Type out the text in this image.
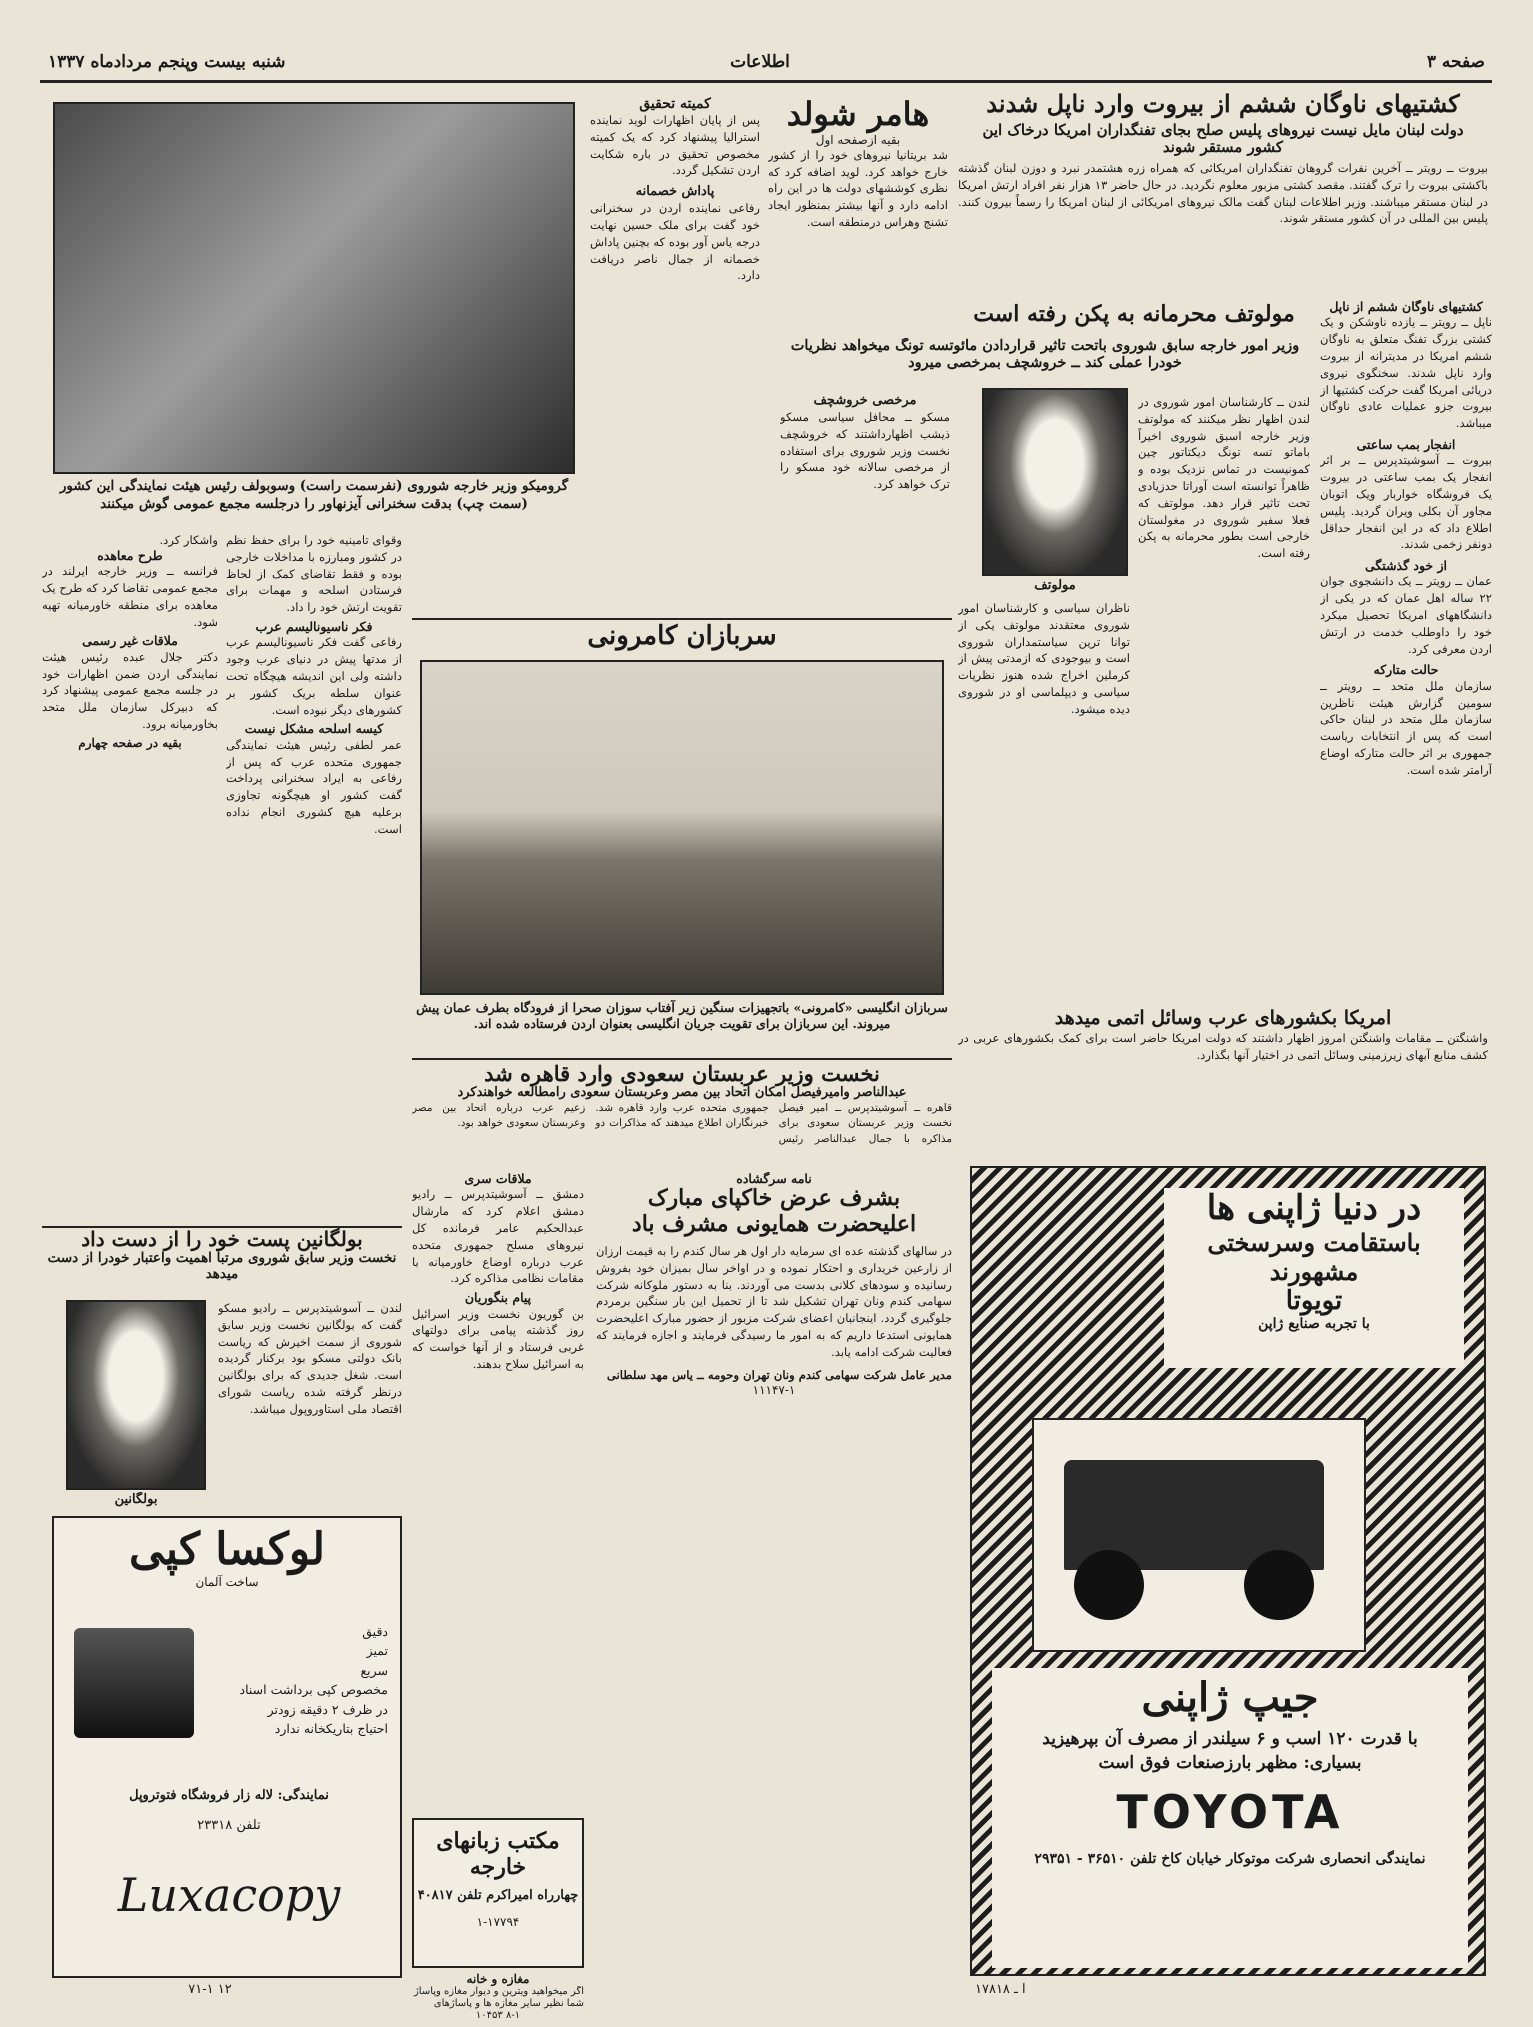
صفحه ۳
اطلاعات
شنبه بیست وپنجم مردادماه ۱۳۳۷
گرومیکو وزیر خارجه شوروی (نفرسمت راست) وسوبولف رئیس هیئت نمایندگی این کشور (سمت چپ) بدقت سخنرانی آیزنهاور را درجلسه مجمع عمومی گوش میکنند
کمیته تحقیق
پس از پایان اظهارات لوید نماینده استرالیا پیشنهاد کرد که یک کمیته مخصوص تحقیق در باره شکایت اردن تشکیل گردد.
پاداش خصمانه
رفاعی نماینده اردن در سخنرانی خود گفت برای ملک حسین نهایت درجه یاس آور بوده که بچنین پاداش خصمانه از جمال ناصر دریافت دارد.
هامر شولد
بقیه ازصفحه اول
شد بریتانیا نیروهای خود را از کشور خارج خواهد کرد. لوید اضافه کرد که نظری کوششهای دولت ها در این راه ادامه دارد و آنها بیشتر بمنظور ایجاد تشنج وهراس درمنطقه است.
کشتیهای ناوگان ششم از بیروت وارد ناپل شدند
دولت لبنان مایل نیست نیروهای پلیس صلح بجای تفنگداران امریکا درخاک این کشور مستقر شوند
بیروت ــ رویتر ــ آخرین نفرات گروهان تفنگداران امریکائی که همراه زره هشتمدر نبرد و دوزن لبنان گذشته باکشتی بیروت را ترک گفتند. مقصد کشتی مزبور معلوم نگردید. در حال حاضر ۱۳ هزار نفر افراد ارتش امریکا در لبنان مستقر میباشند. وزیر اطلاعات لبنان گفت مالک نیروهای امریکائی از لبنان امریکا را رسماً بیرون کنند. پلیس بین المللی در آن کشور مستقر شوند.
کشتیهای ناوگان ششم از ناپل
ناپل ــ رویتر ــ یازده ناوشکن و یک کشتی بزرگ تفنگ متعلق به ناوگان ششم امریکا در مدیترانه از بیروت وارد ناپل شدند. سخنگوی نیروی دریائی امریکا گفت حرکت کشتیها از بیروت جزو عملیات عادی ناوگان میباشد.
انفجار بمب ساعتی
بیروت ــ آسوشیتدپرس ــ بر اثر انفجار یک بمب ساعتی در بیروت یک فروشگاه خواربار ویک اتوبان مجاور آن بکلی ویران گردید. پلیس اطلاع داد که در این انفجار حداقل دونفر زخمی شدند.
از خود گذشتگی
عمان ــ رویتر ــ یک دانشجوی جوان ۲۲ ساله اهل عمان که در یکی از دانشگاههای امریکا تحصیل میکرد خود را داوطلب خدمت در ارتش اردن معرفی کرد.
حالت متارکه
سازمان ملل متحد ــ رویتر ــ سومین گزارش هیئت ناظرین سازمان ملل متحد در لبنان حاکی است که پس از انتخابات ریاست جمهوری بر اثر حالت متارکه اوضاع آرامتر شده است.
مولوتف محرمانه به پکن رفته است
وزیر امور خارجه سابق شوروی باتحت تاثیر قراردادن مائوتسه تونگ میخواهد نظریات خودرا عملی کند ــ خروشچف بمرخصی میرود
لندن ــ کارشناسان امور شوروی در لندن اظهار نظر میکنند که مولوتف وزیر خارجه اسبق شوروی اخیراً باماتو تسه تونگ دیکتاتور چین کمونیست در تماس نزدیک بوده و ظاهراً توانسته است آوراتا حدزیادی تحت تاثیر قرار دهد. مولوتف که فعلا سفیر شوروی در مغولستان خارجی است بطور محرمانه به پکن رفته است.
مولوتف
ناظران سیاسی و کارشناسان امور شوروی معتقدند مولوتف یکی از توانا ترین سیاستمداران شوروی است و بیوجودی که ازمدتی پیش از کرملین اخراج شده هنوز نظریات سیاسی و دیپلماسی او در شوروی دیده میشود.
مرخصی خروشچف
مسکو ــ محافل سیاسی مسکو ذیشب اظهارداشتند که خروشچف نخست وزیر شوروی برای استفاده از مرخصی سالانه خود مسکو را ترک خواهد کرد.
سربازان کامرونی
سربازان انگلیسی «کامرونی» باتجهیزات سنگین زیر آفتاب سوزان صحرا از فرودگاه بطرف عمان پیش میروند. این سربازان برای تقویت جریان انگلیسی بعنوان اردن فرستاده شده اند.	امریکا بکشورهای عرب وسائل اتمی میدهد
واشنگتن ــ مقامات واشنگتن امروز اظهار داشتند که دولت امریکا حاضر است برای کمک بکشورهای عربی در کشف منابع آبهای زیرزمینی وسائل اتمی در اختیار آنها بگذارد.
وقوای تامینیه خود را برای حفظ نظم در کشور ومبارزه با مداخلات خارجی بوده و فقط تقاضای کمک از لحاظ فرستادن اسلحه و مهمات برای تقویت ارتش خود را داد.
فکر ناسیونالیسم عرب
رفاعی گفت فکر ناسیونالیسم عرب از مدتها پیش در دنیای عرب وجود داشته ولی این اندیشه هیچگاه تحت عنوان سلطه بریک کشور بر کشورهای دیگر نبوده است.
کیسه اسلحه مشکل نیست
عمر لطفی رئیس هیئت نمایندگی جمهوری متحده عرب که پس از رفاعی به ایراد سخنرانی پرداخت گفت کشور او هیچگونه تجاوزی برعلیه هیچ کشوری انجام نداده است.
واشکار کرد.
طرح معاهده
فرانسه ــ وزیر خارجه ایرلند در مجمع عمومی تقاضا کرد که طرح یک معاهده برای منطقه خاورمیانه تهیه شود.
ملاقات غیر رسمی
دکتر جلال عبده رئیس هیئت نمایندگی اردن ضمن اظهارات خود در جلسه مجمع عمومی پیشنهاد کرد که دبیرکل سازمان ملل متحد بخاورمیانه برود.
بقیه در صفحه چهارم
نخست وزیر عربستان سعودی وارد قاهره شد
عبدالناصر وامیرفیصل امکان اتحاد بین مصر وعربستان سعودی رامطالعه خواهندکرد
قاهره ــ آسوشیتدپرس ــ امیر فیصل نخست وزیر عربستان سعودی برای مذاکره با جمال عبدالناصر رئیس جمهوری متحده عرب وارد قاهره شد. خبرنگاران اطلاع میدهند که مذاکرات دو زعیم عرب درباره اتحاد بین مصر وعربستان سعودی خواهد بود.
ملاقات سری
دمشق ــ آسوشیتدپرس ــ رادیو دمشق اعلام کرد که مارشال عبدالحکیم عامر فرمانده کل نیروهای مسلح جمهوری متحده عرب درباره اوضاع خاورمیانه با مقامات نظامی مذاکره کرد.
پیام بنگوریان
بن گوریون نخست وزیر اسرائیل روز گذشته پیامی برای دولتهای غربی فرستاد و از آنها خواست که به اسرائیل سلاح بدهند.
بولگانین پست خود را از دست داد
نخست وزیر سابق شوروی مرتبا اهمیت واعتبار خودرا از دست میدهد
بولگانین
لندن ــ آسوشیتدپرس ــ رادیو مسکو گفت که بولگانین نخست وزیر سابق شوروی از سمت اخیرش که ریاست بانک دولتی مسکو بود برکنار گردیده است. شغل جدیدی که برای بولگانین درنظر گرفته شده ریاست شورای اقتصاد ملی استاوروپول میباشد.
لوکسا کپی
ساخت آلمان
دقیق
تمیز
سریع
مخصوص کپی برداشت اسناد
در ظرف ۲ دقیقه زودتر
احتیاج بتاریکخانه ندارد
نمایندگی: لاله زار فروشگاه فتوتروپل
تلفن ۲۳۳۱۸
Luxacopy
۱۲ ۷۱-۱
مکتب زبانهای خارجه
چهارراه امیراکرم تلفن ۴۰۸۱۷
۱-۱۷۷۹۴
نامه سرگشاده
بشرف عرض خاکپای مبارک اعلیحضرت همایونی مشرف باد
در سالهای گذشته عده ای سرمایه دار اول هر سال کندم را به قیمت ارزان از زارعین خریداری و احتکار نموده و در اواخر سال بمیزان خود بفروش رسانیده و سودهای کلانی بدست می آوردند. بنا به دستور ملوکانه شرکت سهامی کندم ونان تهران تشکیل شد تا از تحمیل این بار سنگین برمردم جلوگیری گردد. اینجانبان اعضای شرکت مزبور از حضور مبارک اعلیحضرت همایونی استدعا داریم که به امور ما رسیدگی فرمایند و اجازه فرمایند که فعالیت شرکت ادامه یابد.
مدیر عامل شرکت سهامی کندم ونان تهران وحومه ــ یاس مهد سلطانی
۱۱۱۴۷-۱
در دنیا ژاپنی ها
باستقامت وسرسختی مشهورند
تویوتا
با تجربه صنایع ژاپن
جیپ ژاپنی
با قدرت ۱۲۰ اسب و ۶ سیلندر از مصرف آن بپرهیزید
بسیاری: مظهر بارزصنعات فوق است
TOYOTA
نمایندگی انحصاری شرکت موتوکار خیابان کاخ تلفن ۳۶۵۱۰ - ۲۹۳۵۱
آ ـ ۱۷۸۱۸
مغازه و خانه
اگر میخواهید ویترین و دیوار مغازه وپاساژ شما نظیر سایر مغازه ها و پاساژهای
۸-۱ ۱۰۴۵۳
